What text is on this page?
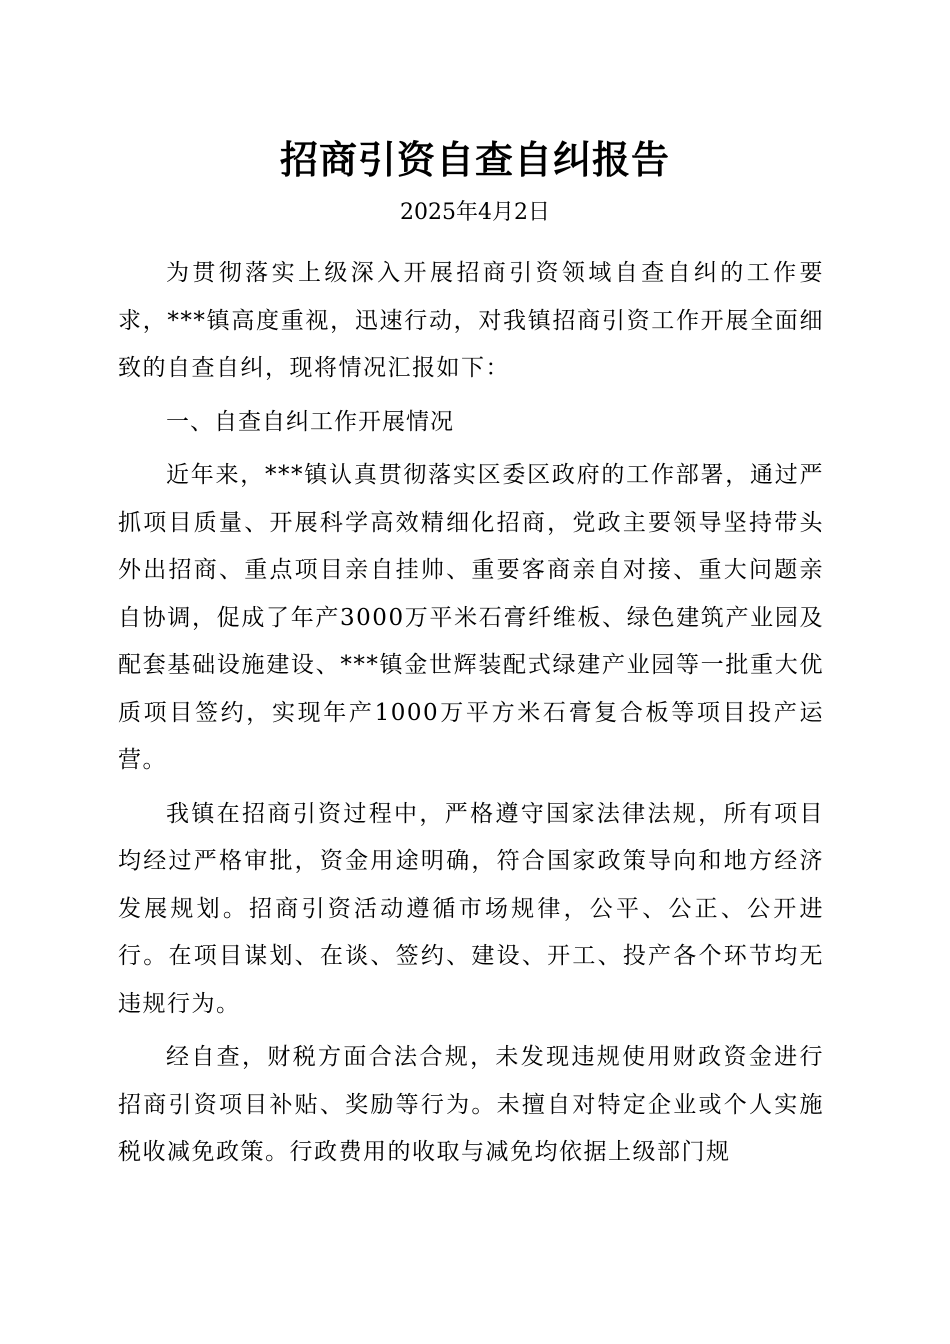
招商引资自查自纠报告
2025年4月2日

为贯彻落实上级深入开展招商引资领域自查自纠的工作要求，***镇高度重视，迅速行动，对我镇招商引资工作开展全面细致的自查自纠，现将情况汇报如下：

一、自查自纠工作开展情况

近年来，***镇认真贯彻落实区委区政府的工作部署，通过严抓项目质量、开展科学高效精细化招商，党政主要领导坚持带头外出招商、重点项目亲自挂帅、重要客商亲自对接、重大问题亲自协调，促成了年产3000万平米石膏纤维板、绿色建筑产业园及配套基础设施建设、***镇金世辉装配式绿建产业园等一批重大优质项目签约，实现年产1000万平方米石膏复合板等项目投产运营。

我镇在招商引资过程中，严格遵守国家法律法规，所有项目均经过严格审批，资金用途明确，符合国家政策导向和地方经济发展规划。招商引资活动遵循市场规律，公平、公正、公开进行。在项目谋划、在谈、签约、建设、开工、投产各个环节均无违规行为。

经自查，财税方面合法合规，未发现违规使用财政资金进行招商引资项目补贴、奖励等行为。未擅自对特定企业或个人实施税收减免政策。行政费用的收取与减免均依据上级部门规
